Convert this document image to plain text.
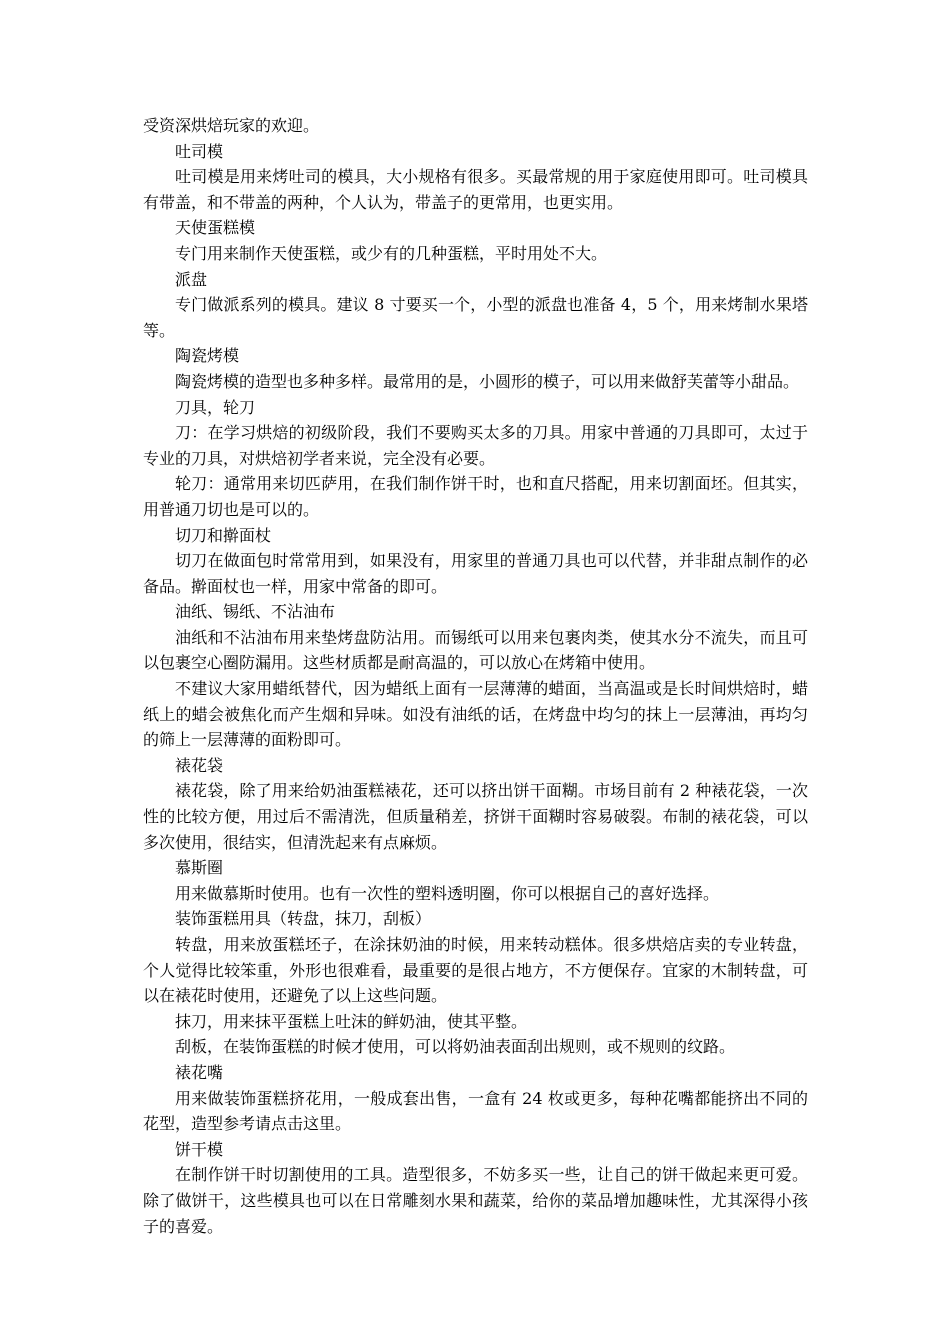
受资深烘焙玩家的欢迎。

吐司模

吐司模是用来烤吐司的模具，大小规格有很多。买最常规的用于家庭使用即可。吐司模具有带盖，和不带盖的两种，个人认为，带盖子的更常用，也更实用。

天使蛋糕模

专门用来制作天使蛋糕，或少有的几种蛋糕，平时用处不大。

派盘

专门做派系列的模具。建议 8 寸要买一个，小型的派盘也准备 4，5 个，用来烤制水果塔等。

陶瓷烤模

陶瓷烤模的造型也多种多样。最常用的是，小圆形的模子，可以用来做舒芙蕾等小甜品。

刀具，轮刀

刀：在学习烘焙的初级阶段，我们不要购买太多的刀具。用家中普通的刀具即可，太过于专业的刀具，对烘焙初学者来说，完全没有必要。

轮刀：通常用来切匹萨用，在我们制作饼干时，也和直尺搭配，用来切割面坯。但其实，用普通刀切也是可以的。

切刀和擀面杖

切刀在做面包时常常用到，如果没有，用家里的普通刀具也可以代替，并非甜点制作的必备品。擀面杖也一样，用家中常备的即可。

油纸、锡纸、不沾油布

油纸和不沾油布用来垫烤盘防沾用。而锡纸可以用来包裹肉类，使其水分不流失，而且可以包裹空心圈防漏用。这些材质都是耐高温的，可以放心在烤箱中使用。

不建议大家用蜡纸替代，因为蜡纸上面有一层薄薄的蜡面，当高温或是长时间烘焙时，蜡纸上的蜡会被焦化而产生烟和异味。如没有油纸的话，在烤盘中均匀的抹上一层薄油，再均匀的筛上一层薄薄的面粉即可。

裱花袋

裱花袋，除了用来给奶油蛋糕裱花，还可以挤出饼干面糊。市场目前有 2 种裱花袋，一次性的比较方便，用过后不需清洗，但质量稍差，挤饼干面糊时容易破裂。布制的裱花袋，可以多次使用，很结实，但清洗起来有点麻烦。

慕斯圈

用来做慕斯时使用。也有一次性的塑料透明圈，你可以根据自己的喜好选择。

装饰蛋糕用具（转盘，抹刀，刮板）

转盘，用来放蛋糕坯子，在涂抹奶油的时候，用来转动糕体。很多烘焙店卖的专业转盘，个人觉得比较笨重，外形也很难看，最重要的是很占地方，不方便保存。宜家的木制转盘，可以在裱花时使用，还避免了以上这些问题。

抹刀，用来抹平蛋糕上吐沫的鲜奶油，使其平整。

刮板，在装饰蛋糕的时候才使用，可以将奶油表面刮出规则，或不规则的纹路。

裱花嘴

用来做装饰蛋糕挤花用，一般成套出售，一盒有 24 枚或更多，每种花嘴都能挤出不同的花型，造型参考请点击这里。

饼干模

在制作饼干时切割使用的工具。造型很多，不妨多买一些，让自己的饼干做起来更可爱。除了做饼干，这些模具也可以在日常雕刻水果和蔬菜，给你的菜品增加趣味性，尤其深得小孩子的喜爱。
